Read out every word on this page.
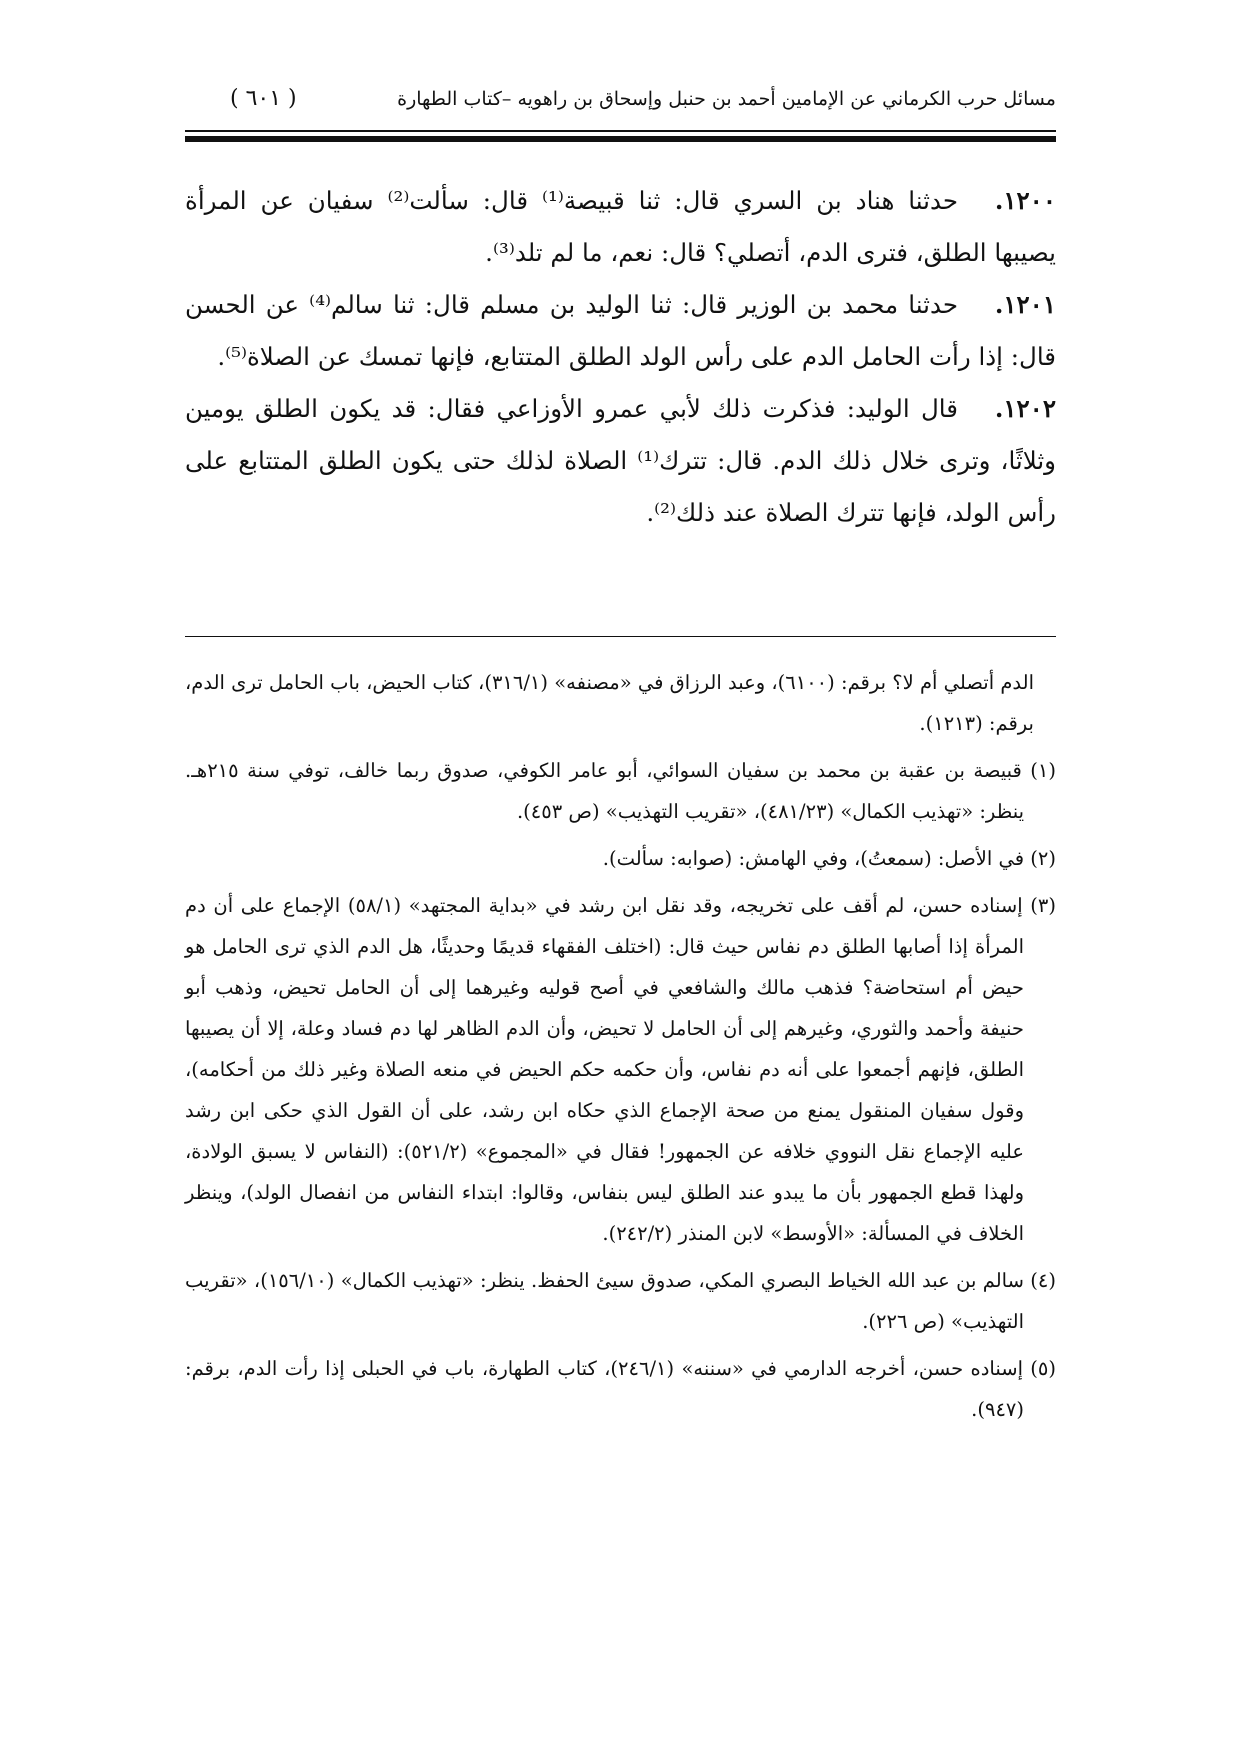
مسائل حرب الكرماني عن الإمامين أحمد بن حنبل وإسحاق بن راهويه –كتاب الطهارة
( ٦٠١ )

١٢٠٠.حدثنا هناد بن السري قال: ثنا قبيصة⁽¹⁾ قال: سألت⁽²⁾ سفيان عن المرأة يصيبها الطلق، فترى الدم، أتصلي؟ قال: نعم، ما لم تلد⁽³⁾.

١٢٠١.حدثنا محمد بن الوزير قال: ثنا الوليد بن مسلم قال: ثنا سالم⁽⁴⁾ عن الحسن قال: إذا رأت الحامل الدم على رأس الولد الطلق المتتابع، فإنها تمسك عن الصلاة⁽⁵⁾.

١٢٠٢.قال الوليد: فذكرت ذلك لأبي عمرو الأوزاعي فقال: قد يكون الطلق يومين وثلاثًا، وترى خلال ذلك الدم. قال: تترك⁽¹⁾ الصلاة لذلك حتى يكون الطلق المتتابع على رأس الولد، فإنها تترك الصلاة عند ذلك⁽²⁾.

الدم أتصلي أم لا؟ برقم: (٦١٠٠)، وعبد الرزاق في «مصنفه» (٣١٦/١)، كتاب الحيض، باب الحامل ترى الدم، برقم: (١٢١٣).

(١) قبيصة بن عقبة بن محمد بن سفيان السوائي، أبو عامر الكوفي، صدوق ربما خالف، توفي سنة ٢١٥هـ. ينظر: «تهذيب الكمال» (٤٨١/٢٣)، «تقريب التهذيب» (ص ٤٥٣).

(٢) في الأصل: (سمعتُ)، وفي الهامش: (صوابه: سألت).

(٣) إسناده حسن، لم أقف على تخريجه، وقد نقل ابن رشد في «بداية المجتهد» (٥٨/١) الإجماع على أن دم المرأة إذا أصابها الطلق دم نفاس حيث قال: (اختلف الفقهاء قديمًا وحديثًا، هل الدم الذي ترى الحامل هو حيض أم استحاضة؟ فذهب مالك والشافعي في أصح قوليه وغيرهما إلى أن الحامل تحيض، وذهب أبو حنيفة وأحمد والثوري، وغيرهم إلى أن الحامل لا تحيض، وأن الدم الظاهر لها دم فساد وعلة، إلا أن يصيبها الطلق، فإنهم أجمعوا على أنه دم نفاس، وأن حكمه حكم الحيض في منعه الصلاة وغير ذلك من أحكامه)، وقول سفيان المنقول يمنع من صحة الإجماع الذي حكاه ابن رشد، على أن القول الذي حكى ابن رشد عليه الإجماع نقل النووي خلافه عن الجمهور! فقال في «المجموع» (٥٢١/٢): (النفاس لا يسبق الولادة، ولهذا قطع الجمهور بأن ما يبدو عند الطلق ليس بنفاس، وقالوا: ابتداء النفاس من انفصال الولد)، وينظر الخلاف في المسألة: «الأوسط» لابن المنذر (٢٤٢/٢).

(٤) سالم بن عبد الله الخياط البصري المكي، صدوق سيئ الحفظ. ينظر: «تهذيب الكمال» (١٥٦/١٠)، «تقريب التهذيب» (ص ٢٢٦).

(٥) إسناده حسن، أخرجه الدارمي في «سننه» (٢٤٦/١)، كتاب الطهارة، باب في الحبلى إذا رأت الدم، برقم: (٩٤٧).
